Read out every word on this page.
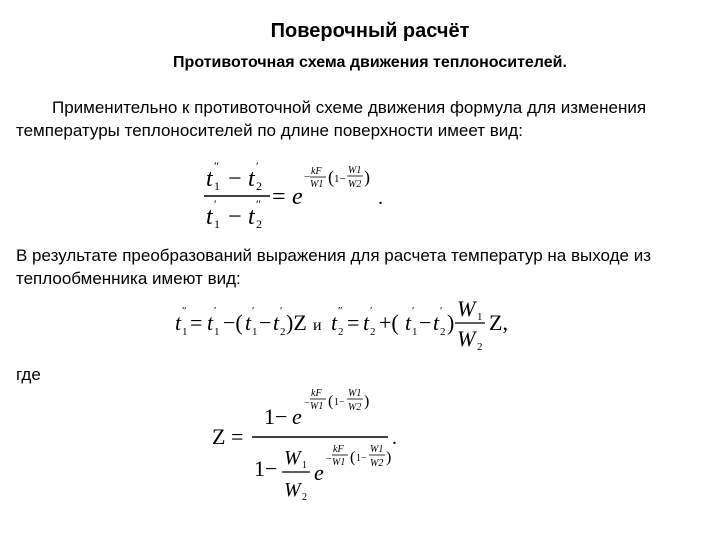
Поверочный расчёт
Противоточная схема движения теплоносителей.
Применительно к противоточной схеме движения формула для изменения температуры теплоносителей по длине поверхности имеет вид:
t 1
″ − t 2
′
t 1
′ − t 2
″ = e
− kF
W1 ( 1−
W1
W2 )
.
В результате преобразований выражения для расчета температур на выходе из теплообменника имеют вид:
t 1
″ = t 1
′ −( t 1
′ − t 2
′ )Z и t 2
″ = t 2
′ +( t 1
′ − t 2
′ )
W 1
W 2
Z,
где
Z =
1− e
−
kF
W1 ( 1−
W1
W2 )
1− W 1
W 2
e
−
kF
W1 ( 1−
W1
W2 )
.
